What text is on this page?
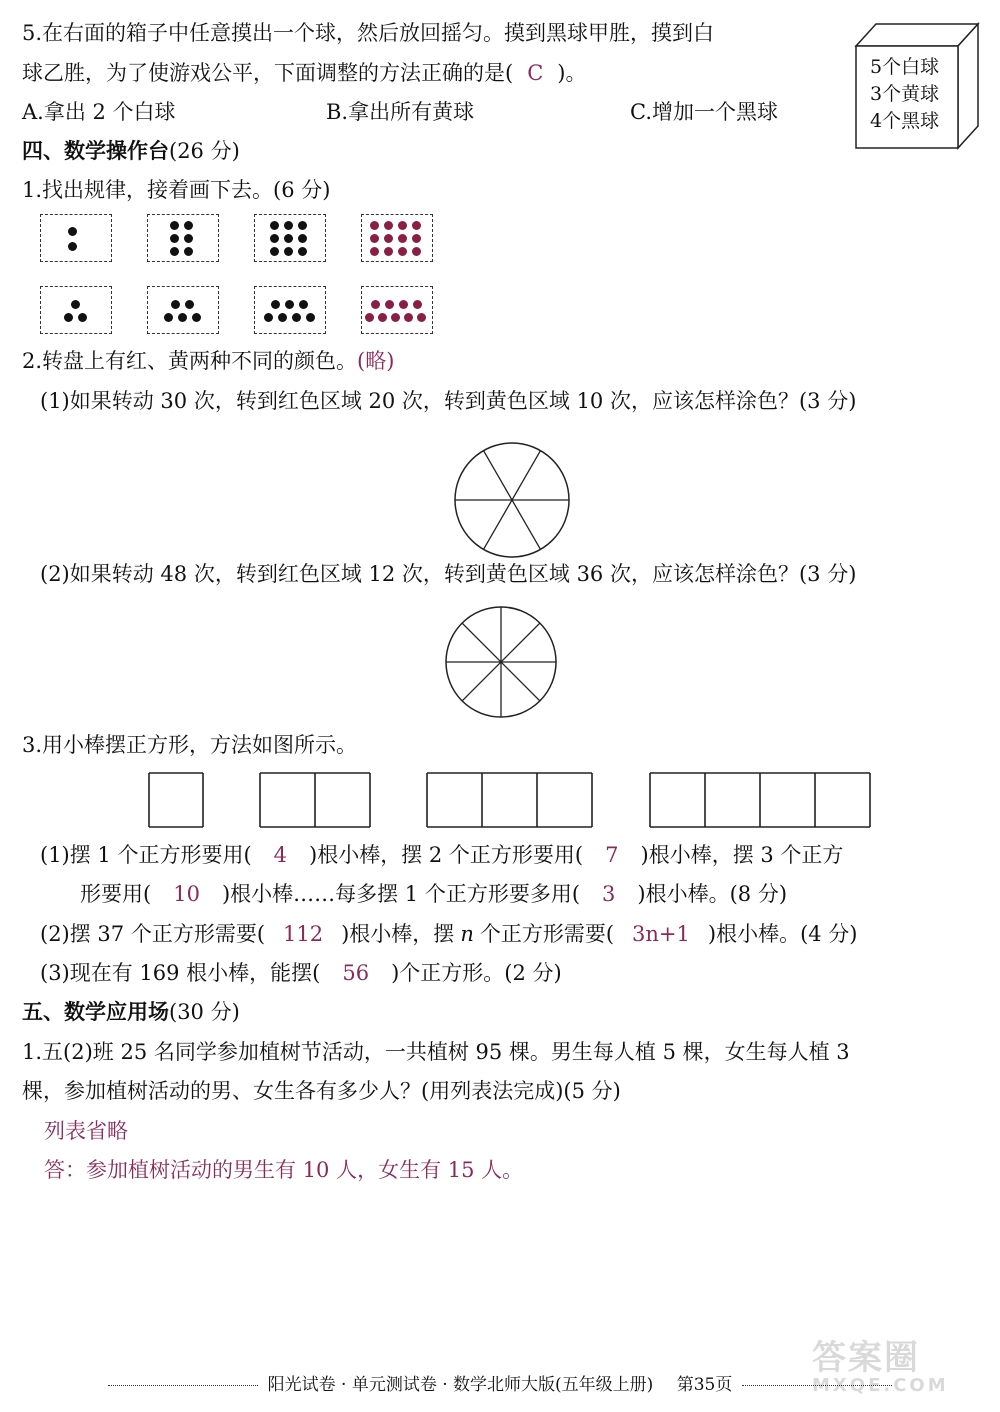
5.在右面的箱子中任意摸出一个球，然后放回摇匀。摸到黑球甲胜，摸到白
球乙胜，为了使游戏公平，下面调整的方法正确的是( C )。
A.拿出 2 个白球	B.拿出所有黄球	C.增加一个黑球
5个白球
3个黄球
4个黑球
四、数学操作台(26 分)
1.找出规律，接着画下去。(6 分)
2.转盘上有红、黄两种不同的颜色。(略)
(1)如果转动 30 次，转到红色区域 20 次，转到黄色区域 10 次，应该怎样涂色？(3 分)
(2)如果转动 48 次，转到红色区域 12 次，转到黄色区域 36 次，应该怎样涂色？(3 分)
3.用小棒摆正方形，方法如图所示。
(1)摆 1 个正方形要用( 4 )根小棒，摆 2 个正方形要用( 7 )根小棒，摆 3 个正方
形要用( 10 )根小棒……每多摆 1 个正方形要多用( 3 )根小棒。(8 分)
(2)摆 37 个正方形需要( 112 )根小棒，摆 n 个正方形需要( 3n+1 )根小棒。(4 分)
(3)现在有 169 根小棒，能摆( 56 )个正方形。(2 分)
五、数学应用场(30 分)
1.五(2)班 25 名同学参加植树节活动，一共植树 95 棵。男生每人植 5 棵，女生每人植 3
棵，参加植树活动的男、女生各有多少人？(用列表法完成)(5 分)
列表省略
答：参加植树活动的男生有 10 人，女生有 15 人。
答案圈
MXQE.COM
阳光试卷 · 单元测试卷 · 数学北师大版(五年级上册) 第35页
